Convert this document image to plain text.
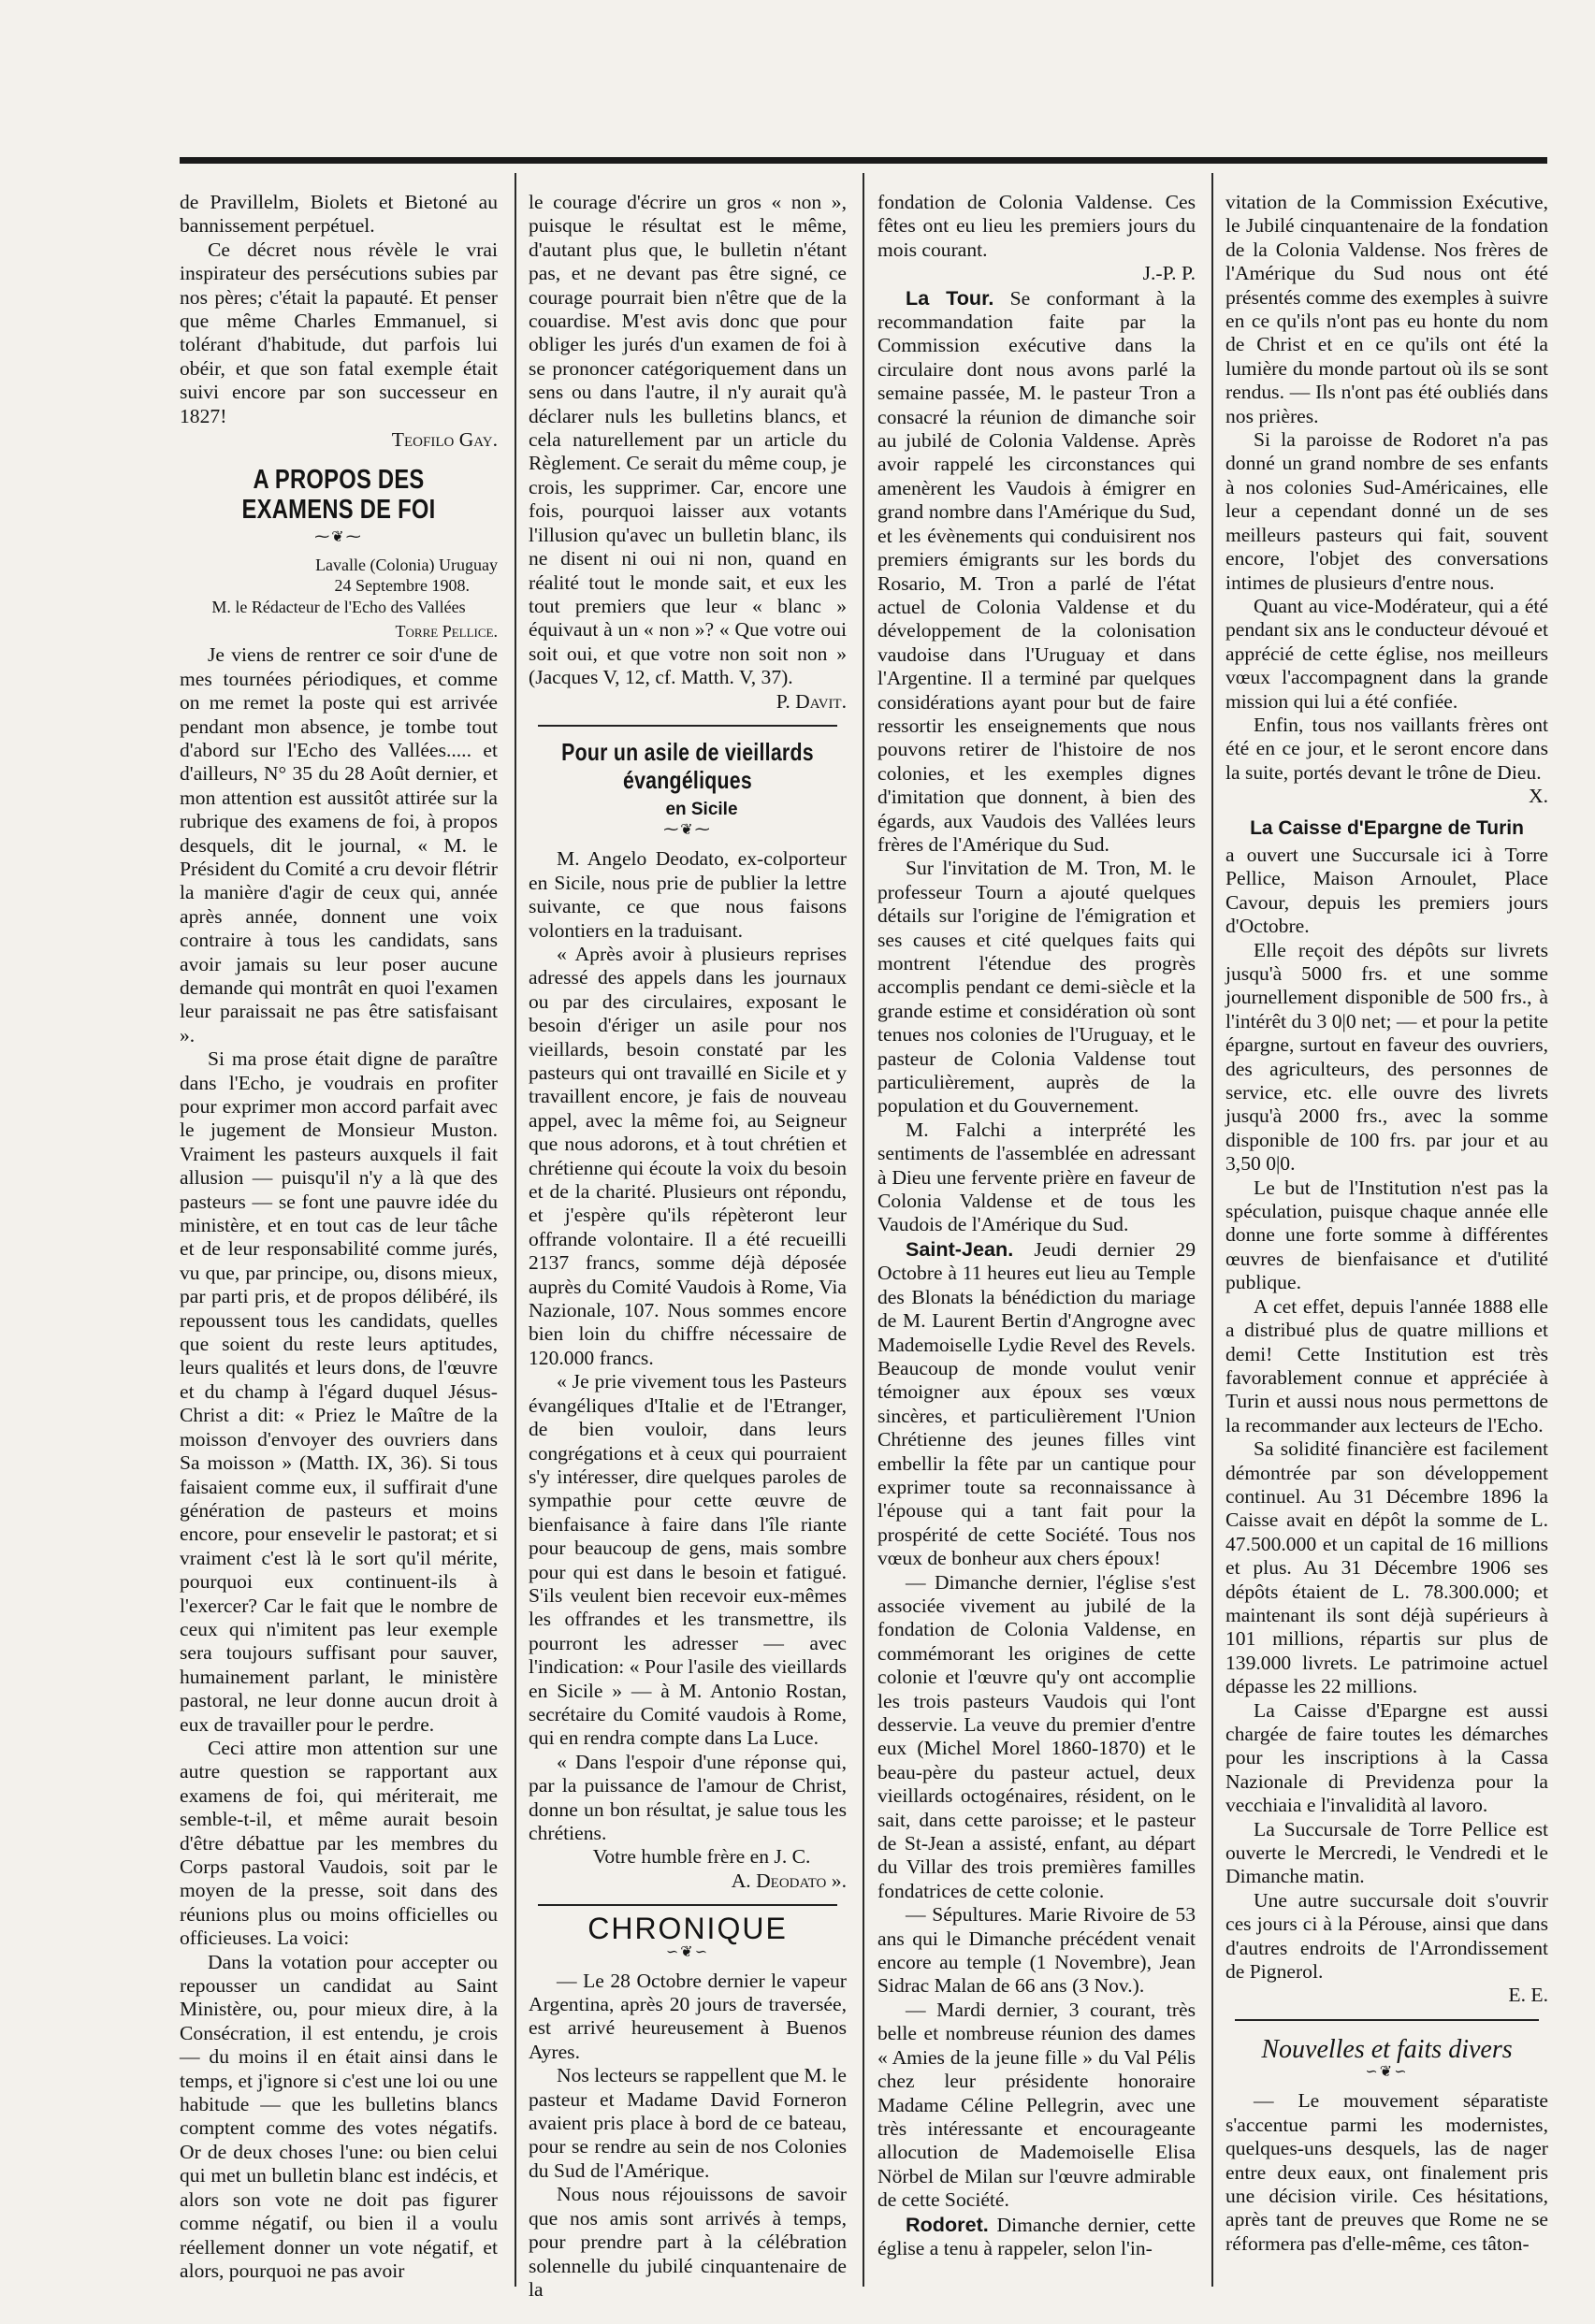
de Pravillelm, Biolets et Bietoné au bannissement perpétuel.

Ce décret nous révèle le vrai inspirateur des persécutions subies par nos pères; c'était la papauté. Et penser que même Charles Emmanuel, si tolérant d'habitude, dut parfois lui obéir, et que son fatal exemple était suivi encore par son successeur en 1827!

Teofilo Gay.

A PROPOS DES EXAMENS DE FOI
⁓❦⁓

Lavalle (Colonia) Uruguay

24 Septembre 1908.

M. le Rédacteur de l'Echo des Vallées

Torre Pellice.

Je viens de rentrer ce soir d'une de mes tournées périodiques, et comme on me remet la poste qui est arrivée pendant mon absence, je tombe tout d'abord sur l'Echo des Vallées..... et d'ailleurs, N° 35 du 28 Août dernier, et mon attention est aussitôt attirée sur la rubrique des examens de foi, à propos desquels, dit le journal, « M. le Président du Comité a cru devoir flétrir la manière d'agir de ceux qui, année après année, donnent une voix contraire à tous les candidats, sans avoir jamais su leur poser aucune demande qui montrât en quoi l'examen leur paraissait ne pas être satisfaisant ».

Si ma prose était digne de paraître dans l'Echo, je voudrais en profiter pour exprimer mon accord parfait avec le jugement de Monsieur Muston. Vraiment les pasteurs auxquels il fait allusion — puisqu'il n'y a là que des pasteurs — se font une pauvre idée du ministère, et en tout cas de leur tâche et de leur responsabilité comme jurés, vu que, par principe, ou, disons mieux, par parti pris, et de propos délibéré, ils repoussent tous les candidats, quelles que soient du reste leurs aptitudes, leurs qualités et leurs dons, de l'œuvre et du champ à l'égard duquel Jésus-Christ a dit: « Priez le Maître de la moisson d'envoyer des ouvriers dans Sa moisson » (Matth. IX, 36). Si tous faisaient comme eux, il suffirait d'une génération de pasteurs et moins encore, pour ensevelir le pastorat; et si vraiment c'est là le sort qu'il mérite, pourquoi eux continuent-ils à l'exercer? Car le fait que le nombre de ceux qui n'imitent pas leur exemple sera toujours suffisant pour sauver, humainement parlant, le ministère pastoral, ne leur donne aucun droit à eux de travailler pour le perdre.

Ceci attire mon attention sur une autre question se rapportant aux examens de foi, qui mériterait, me semble-t-il, et même aurait besoin d'être débattue par les membres du Corps pastoral Vaudois, soit par le moyen de la presse, soit dans des réunions plus ou moins officielles ou officieuses. La voici:

Dans la votation pour accepter ou repousser un candidat au Saint Ministère, ou, pour mieux dire, à la Consécration, il est entendu, je crois — du moins il en était ainsi dans le temps, et j'ignore si c'est une loi ou une habitude — que les bulletins blancs comptent comme des votes négatifs. Or de deux choses l'une: ou bien celui qui met un bulletin blanc est indécis, et alors son vote ne doit pas figurer comme négatif, ou bien il a voulu réellement donner un vote négatif, et alors, pourquoi ne pas avoir

le courage d'écrire un gros « non », puisque le résultat est le même, d'autant plus que, le bulletin n'étant pas, et ne devant pas être signé, ce courage pourrait bien n'être que de la couardise. M'est avis donc que pour obliger les jurés d'un examen de foi à se prononcer catégoriquement dans un sens ou dans l'autre, il n'y aurait qu'à déclarer nuls les bulletins blancs, et cela naturellement par un article du Règlement. Ce serait du même coup, je crois, les supprimer. Car, encore une fois, pourquoi laisser aux votants l'illusion qu'avec un bulletin blanc, ils ne disent ni oui ni non, quand en réalité tout le monde sait, et eux les tout premiers que leur « blanc » équivaut à un « non »? « Que votre oui soit oui, et que votre non soit non » (Jacques V, 12, cf. Matth. V, 37).

P. Davit.

Pour un asile de vieillards évangéliques

en Sicile

⁓❦⁓

M. Angelo Deodato, ex-colporteur en Sicile, nous prie de publier la lettre suivante, ce que nous faisons volontiers en la traduisant.

« Après avoir à plusieurs reprises adressé des appels dans les journaux ou par des circulaires, exposant le besoin d'ériger un asile pour nos vieillards, besoin constaté par les pasteurs qui ont travaillé en Sicile et y travaillent encore, je fais de nouveau appel, avec la même foi, au Seigneur que nous adorons, et à tout chrétien et chrétienne qui écoute la voix du besoin et de la charité. Plusieurs ont répondu, et j'espère qu'ils répèteront leur offrande volontaire. Il a été recueilli 2137 francs, somme déjà déposée auprès du Comité Vaudois à Rome, Via Nazionale, 107. Nous sommes encore bien loin du chiffre nécessaire de 120.000 francs.

« Je prie vivement tous les Pasteurs évangéliques d'Italie et de l'Etranger, de bien vouloir, dans leurs congrégations et à ceux qui pourraient s'y intéresser, dire quelques paroles de sympathie pour cette œuvre de bienfaisance à faire dans l'île riante pour beaucoup de gens, mais sombre pour qui est dans le besoin et fatigué. S'ils veulent bien recevoir eux-mêmes les offrandes et les transmettre, ils pourront les adresser — avec l'indication: « Pour l'asile des vieillards en Sicile » — à M. Antonio Rostan, secrétaire du Comité vaudois à Rome, qui en rendra compte dans La Luce.

« Dans l'espoir d'une réponse qui, par la puissance de l'amour de Christ, donne un bon résultat, je salue tous les chrétiens.

Votre humble frère en J. C.

A. Deodato ».

CHRONIQUE
∽❦∽

— Le 28 Octobre dernier le vapeur Argentina, après 20 jours de traversée, est arrivé heureusement à Buenos Ayres.

Nos lecteurs se rappellent que M. le pasteur et Madame David Forneron avaient pris place à bord de ce bateau, pour se rendre au sein de nos Colonies du Sud de l'Amérique.

Nous nous réjouissons de savoir que nos amis sont arrivés à temps, pour prendre part à la célébration solennelle du jubilé cinquantenaire de la

fondation de Colonia Valdense. Ces fêtes ont eu lieu les premiers jours du mois courant.

J.-P. P.

La Tour. Se conformant à la recommandation faite par la Commission exécutive dans la circulaire dont nous avons parlé la semaine passée, M. le pasteur Tron a consacré la réunion de dimanche soir au jubilé de Colonia Valdense. Après avoir rappelé les circonstances qui amenèrent les Vaudois à émigrer en grand nombre dans l'Amérique du Sud, et les évènements qui conduisirent nos premiers émigrants sur les bords du Rosario, M. Tron a parlé de l'état actuel de Colonia Valdense et du développement de la colonisation vaudoise dans l'Uruguay et dans l'Argentine. Il a terminé par quelques considérations ayant pour but de faire ressortir les enseignements que nous pouvons retirer de l'histoire de nos colonies, et les exemples dignes d'imitation que donnent, à bien des égards, aux Vaudois des Vallées leurs frères de l'Amérique du Sud.

Sur l'invitation de M. Tron, M. le professeur Tourn a ajouté quelques détails sur l'origine de l'émigration et ses causes et cité quelques faits qui montrent l'étendue des progrès accomplis pendant ce demi-siècle et la grande estime et considération où sont tenues nos colonies de l'Uruguay, et le pasteur de Colonia Valdense tout particulièrement, auprès de la population et du Gouvernement.

M. Falchi a interprété les sentiments de l'assemblée en adressant à Dieu une fervente prière en faveur de Colonia Valdense et de tous les Vaudois de l'Amérique du Sud.

Saint-Jean. Jeudi dernier 29 Octobre à 11 heures eut lieu au Temple des Blonats la bénédiction du mariage de M. Laurent Bertin d'Angrogne avec Mademoiselle Lydie Revel des Revels. Beaucoup de monde voulut venir témoigner aux époux ses vœux sincères, et particulièrement l'Union Chrétienne des jeunes filles vint embellir la fête par un cantique pour exprimer toute sa reconnaissance à l'épouse qui a tant fait pour la prospérité de cette Société. Tous nos vœux de bonheur aux chers époux!

— Dimanche dernier, l'église s'est associée vivement au jubilé de la fondation de Colonia Valdense, en commémorant les origines de cette colonie et l'œuvre qu'y ont accomplie les trois pasteurs Vaudois qui l'ont desservie. La veuve du premier d'entre eux (Michel Morel 1860-1870) et le beau-père du pasteur actuel, deux vieillards octogénaires, résident, on le sait, dans cette paroisse; et le pasteur de St-Jean a assisté, enfant, au départ du Villar des trois premières familles fondatrices de cette colonie.

— Sépultures. Marie Rivoire de 53 ans qui le Dimanche précédent venait encore au temple (1 Novembre), Jean Sidrac Malan de 66 ans (3 Nov.).

— Mardi dernier, 3 courant, très belle et nombreuse réunion des dames « Amies de la jeune fille » du Val Pélis chez leur présidente honoraire Madame Céline Pellegrin, avec une très intéressante et encourageante allocution de Mademoiselle Elisa Nörbel de Milan sur l'œuvre admirable de cette Société.

Rodoret. Dimanche dernier, cette église a tenu à rappeler, selon l'in-

vitation de la Commission Exécutive, le Jubilé cinquantenaire de la fondation de la Colonia Valdense. Nos frères de l'Amérique du Sud nous ont été présentés comme des exemples à suivre en ce qu'ils n'ont pas eu honte du nom de Christ et en ce qu'ils ont été la lumière du monde partout où ils se sont rendus. — Ils n'ont pas été oubliés dans nos prières.

Si la paroisse de Rodoret n'a pas donné un grand nombre de ses enfants à nos colonies Sud-Américaines, elle leur a cependant donné un de ses meilleurs pasteurs qui fait, souvent encore, l'objet des conversations intimes de plusieurs d'entre nous.

Quant au vice-Modérateur, qui a été pendant six ans le conducteur dévoué et apprécié de cette église, nos meilleurs vœux l'accompagnent dans la grande mission qui lui a été confiée.

Enfin, tous nos vaillants frères ont été en ce jour, et le seront encore dans la suite, portés devant le trône de Dieu.

X.

La Caisse d'Epargne de Turin

a ouvert une Succursale ici à Torre Pellice, Maison Arnoulet, Place Cavour, depuis les premiers jours d'Octobre.

Elle reçoit des dépôts sur livrets jusqu'à 5000 frs. et une somme journellement disponible de 500 frs., à l'intérêt du 3 0|0 net; — et pour la petite épargne, surtout en faveur des ouvriers, des agriculteurs, des personnes de service, etc. elle ouvre des livrets jusqu'à 2000 frs., avec la somme disponible de 100 frs. par jour et au 3,50 0|0.

Le but de l'Institution n'est pas la spéculation, puisque chaque année elle donne une forte somme à différentes œuvres de bienfaisance et d'utilité publique.

A cet effet, depuis l'année 1888 elle a distribué plus de quatre millions et demi! Cette Institution est très favorablement connue et appréciée à Turin et aussi nous nous permettons de la recommander aux lecteurs de l'Echo.

Sa solidité financière est facilement démontrée par son développement continuel. Au 31 Décembre 1896 la Caisse avait en dépôt la somme de L. 47.500.000 et un capital de 16 millions et plus. Au 31 Décembre 1906 ses dépôts étaient de L. 78.300.000; et maintenant ils sont déjà supérieurs à 101 millions, répartis sur plus de 139.000 livrets. Le patrimoine actuel dépasse les 22 millions.

La Caisse d'Epargne est aussi chargée de faire toutes les démarches pour les inscriptions à la Cassa Nazionale di Previdenza pour la vecchiaia e l'invalidità al lavoro.

La Succursale de Torre Pellice est ouverte le Mercredi, le Vendredi et le Dimanche matin.

Une autre succursale doit s'ouvrir ces jours ci à la Pérouse, ainsi que dans d'autres endroits de l'Arrondissement de Pignerol.

E. E.

Nouvelles et faits divers
∽❦∽

— Le mouvement séparatiste s'accentue parmi les modernistes, quelques-uns desquels, las de nager entre deux eaux, ont finalement pris une décision virile. Ces hésitations, après tant de preuves que Rome ne se réformera pas d'elle-même, ces tâton-
